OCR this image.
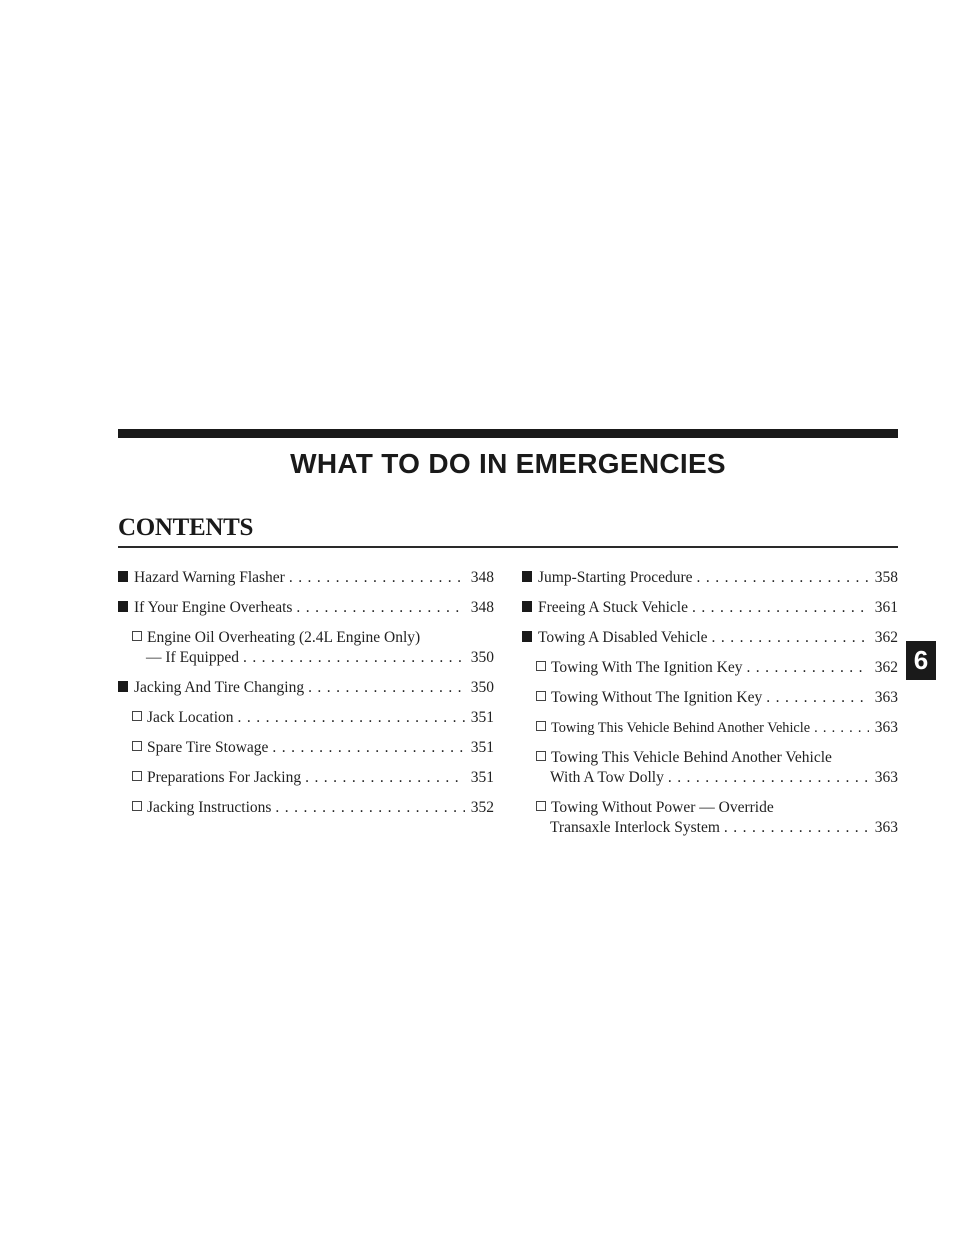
WHAT TO DO IN EMERGENCIES
CONTENTS
Hazard Warning Flasher . . .	348
If Your Engine Overheats . . .	348
Engine Oil Overheating (2.4L Engine Only)
— If Equipped . . .	350
Jacking And Tire Changing . . .	350
Jack Location . . .	351
Spare Tire Stowage . . .	351
Preparations For Jacking . . .	351
Jacking Instructions . . .	352
Jump-Starting Procedure . . .	358
Freeing A Stuck Vehicle . . .	361
Towing A Disabled Vehicle . . .	362
Towing With The Ignition Key . . .	362
Towing Without The Ignition Key . . .	363
Towing This Vehicle Behind Another Vehicle . . .	363
Towing This Vehicle Behind Another Vehicle
With A Tow Dolly . . .	363
Towing Without Power — Override
Transaxle Interlock System . . .	363
6
